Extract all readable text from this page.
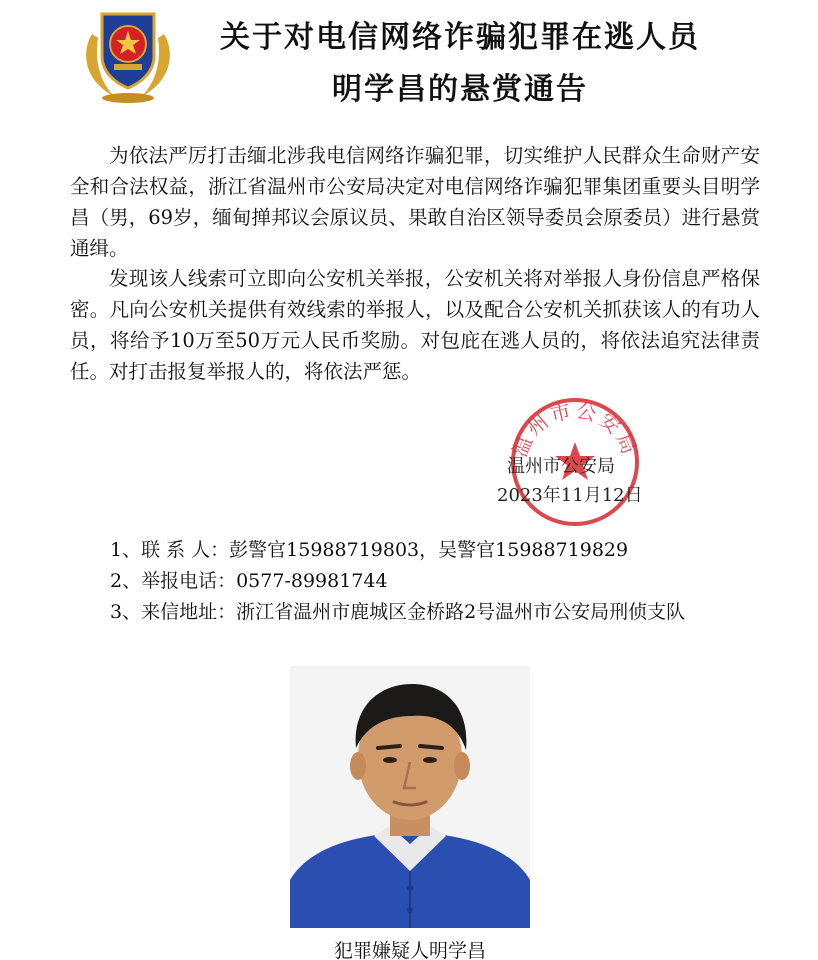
关于对电信网络诈骗犯罪在逃人员
明学昌的悬赏通告

为依法严厉打击缅北涉我电信网络诈骗犯罪，切实维护人民群众生命财产安全和合法权益，浙江省温州市公安局决定对电信网络诈骗犯罪集团重要头目明学昌（男，69岁，缅甸掸邦议会原议员、果敢自治区领导委员会原委员）进行悬赏通缉。

发现该人线索可立即向公安机关举报，公安机关将对举报人身份信息严格保密。凡向公安机关提供有效线索的举报人，以及配合公安机关抓获该人的有功人员，将给予10万至50万元人民币奖励。对包庇在逃人员的，将依法追究法律责任。对打击报复举报人的，将依法严惩。

温州市公安局
温州市公安局
2023年11月12日
1、联 系 人：彭警官15988719803，吴警官15988719829
2、举报电话：0577-89981744
3、来信地址：浙江省温州市鹿城区金桥路2号温州市公安局刑侦支队
犯罪嫌疑人明学昌
